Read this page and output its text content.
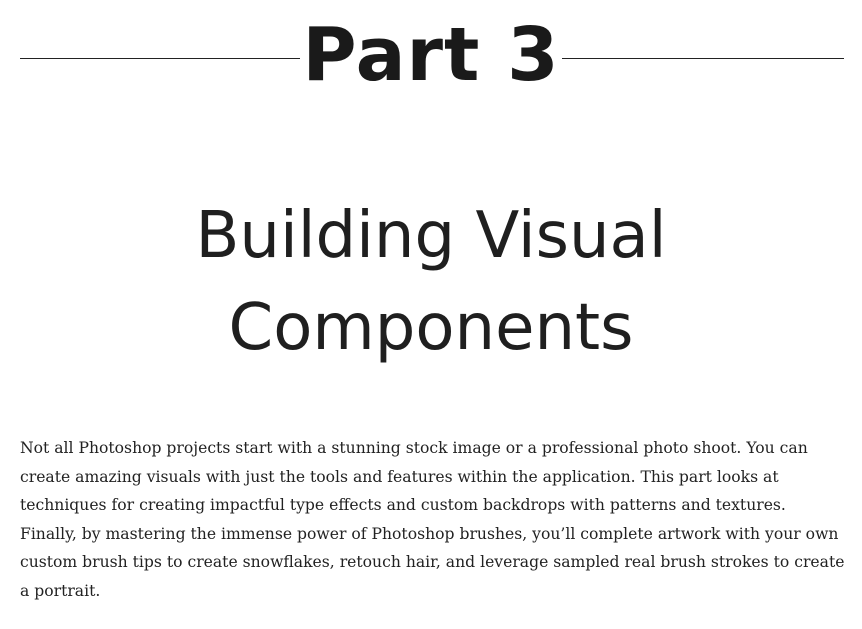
Part 3
Building Visual
Components

Not all Photoshop projects start with a stunning stock image or a professional photo shoot. You can create amazing visuals with just the tools and features within the application. This part looks at techniques for creating impactful type effects and custom backdrops with patterns and textures. Finally, by mastering the immense power of Photoshop brushes, you’ll complete artwork with your own custom brush tips to create snowflakes, retouch hair, and leverage sampled real brush strokes to create a portrait.
